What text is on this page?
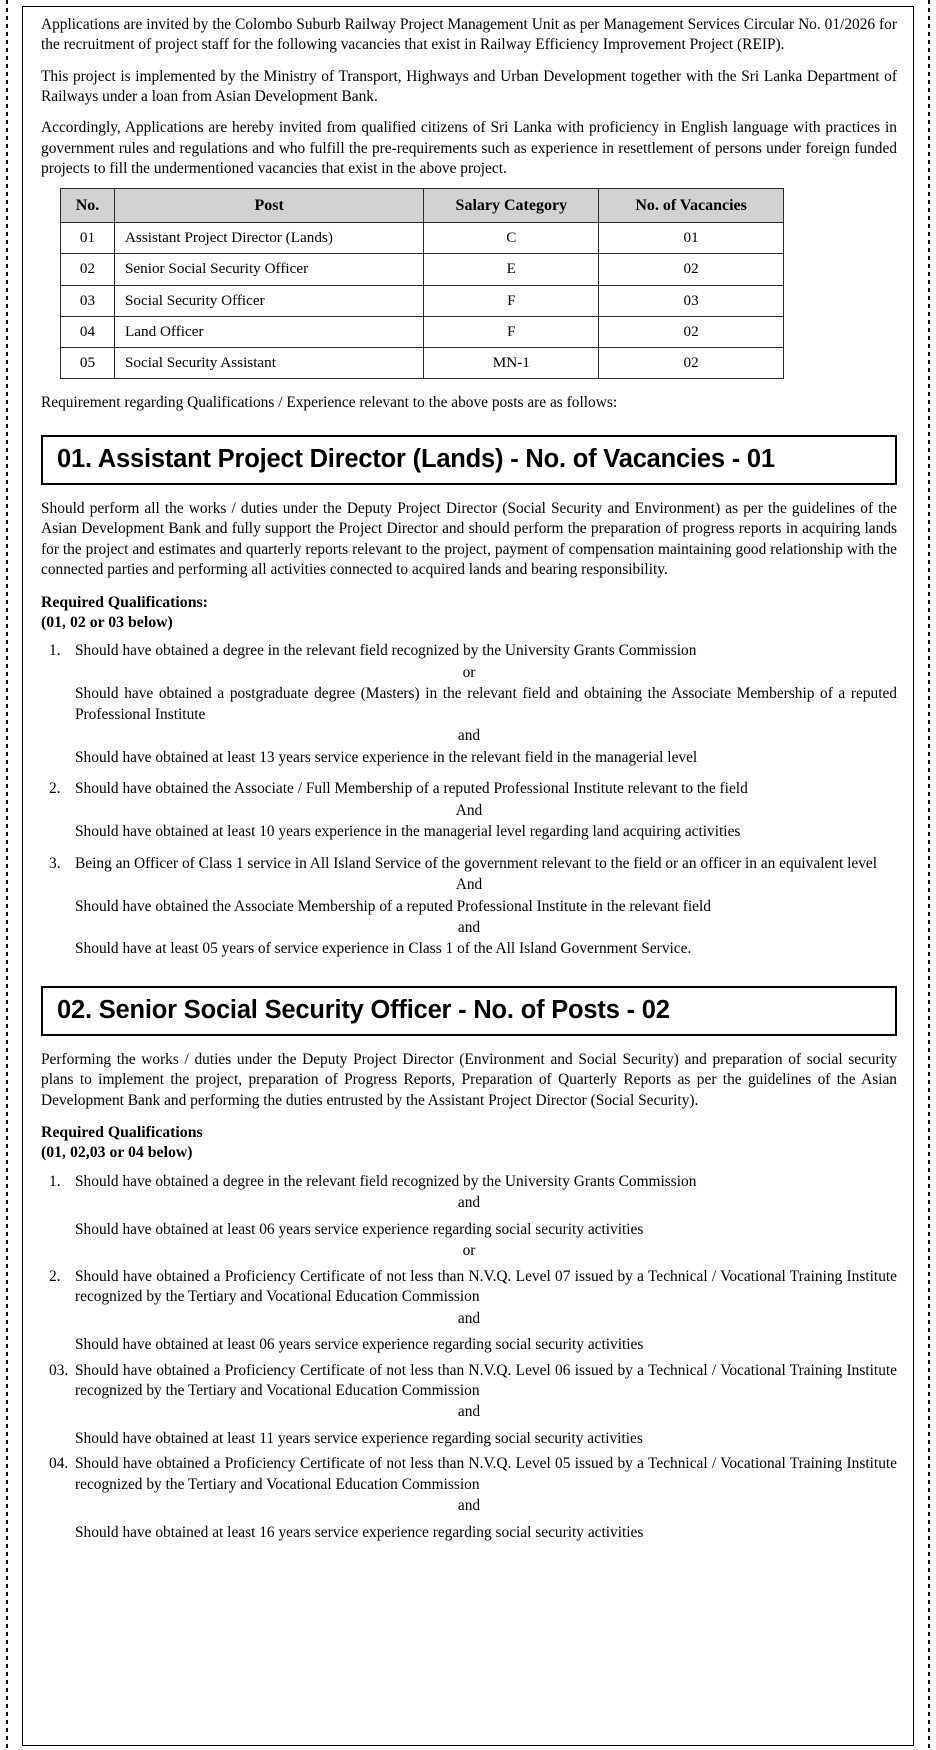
Applications are invited by the Colombo Suburb Railway Project Management Unit as per Management Services Circular No. 01/2026 for the recruitment of project staff for the following vacancies that exist in Railway Efficiency Improvement Project (REIP).

This project is implemented by the Ministry of Transport, Highways and Urban Development together with the Sri Lanka Department of Railways under a loan from Asian Development Bank.

Accordingly, Applications are hereby invited from qualified citizens of Sri Lanka with proficiency in English language with practices in government rules and regulations and who fulfill the pre-requirements such as experience in resettlement of persons under foreign funded projects to fill the undermentioned vacancies that exist in the above project.

No.	Post	Salary Category	No. of Vacancies
01	Assistant Project Director (Lands)	C	01
02	Senior Social Security Officer	E	02
03	Social Security Officer	F	03
04	Land Officer	F	02
05	Social Security Assistant	MN-1	02

Requirement regarding Qualifications / Experience relevant to the above posts are as follows:

01. Assistant Project Director (Lands) - No. of Vacancies - 01

Should perform all the works / duties under the Deputy Project Director (Social Security and Environment) as per the guidelines of the Asian Development Bank and fully support the Project Director and should perform the preparation of progress reports in acquiring lands for the project and estimates and quarterly reports relevant to the project, payment of compensation maintaining good relationship with the connected parties and performing all activities connected to acquired lands and bearing responsibility.

Required Qualifications:

(01, 02 or 03 below)

1. Should have obtained a degree in the relevant field recognized by the University Grants Commission
or
Should have obtained a postgraduate degree (Masters) in the relevant field and obtaining the Associate Membership of a reputed Professional Institute
and
Should have obtained at least 13 years service experience in the relevant field in the managerial level
2. Should have obtained the Associate / Full Membership of a reputed Professional Institute relevant to the field
And
Should have obtained at least 10 years experience in the managerial level regarding land acquiring activities
3. Being an Officer of Class 1 service in All Island Service of the government relevant to the field or an officer in an equivalent level
And
Should have obtained the Associate Membership of a reputed Professional Institute in the relevant field
and
Should have at least 05 years of service experience in Class 1 of the All Island Government Service.
02. Senior Social Security Officer - No. of Posts - 02

Performing the works / duties under the Deputy Project Director (Environment and Social Security) and preparation of social security plans to implement the project, preparation of Progress Reports, Preparation of Quarterly Reports as per the guidelines of the Asian Development Bank and performing the duties entrusted by the Assistant Project Director (Social Security).

Required Qualifications

(01, 02,03 or 04 below)

1. Should have obtained a degree in the relevant field recognized by the University Grants Commission
and
Should have obtained at least 06 years service experience regarding social security activities
or
2. Should have obtained a Proficiency Certificate of not less than N.V.Q. Level 07 issued by a Technical / Vocational Training Institute recognized by the Tertiary and Vocational Education Commission
and
Should have obtained at least 06 years service experience regarding social security activities
03. Should have obtained a Proficiency Certificate of not less than N.V.Q. Level 06 issued by a Technical / Vocational Training Institute recognized by the Tertiary and Vocational Education Commission
and
Should have obtained at least 11 years service experience regarding social security activities
04. Should have obtained a Proficiency Certificate of not less than N.V.Q. Level 05 issued by a Technical / Vocational Training Institute recognized by the Tertiary and Vocational Education Commission
and
Should have obtained at least 16 years service experience regarding social security activities
